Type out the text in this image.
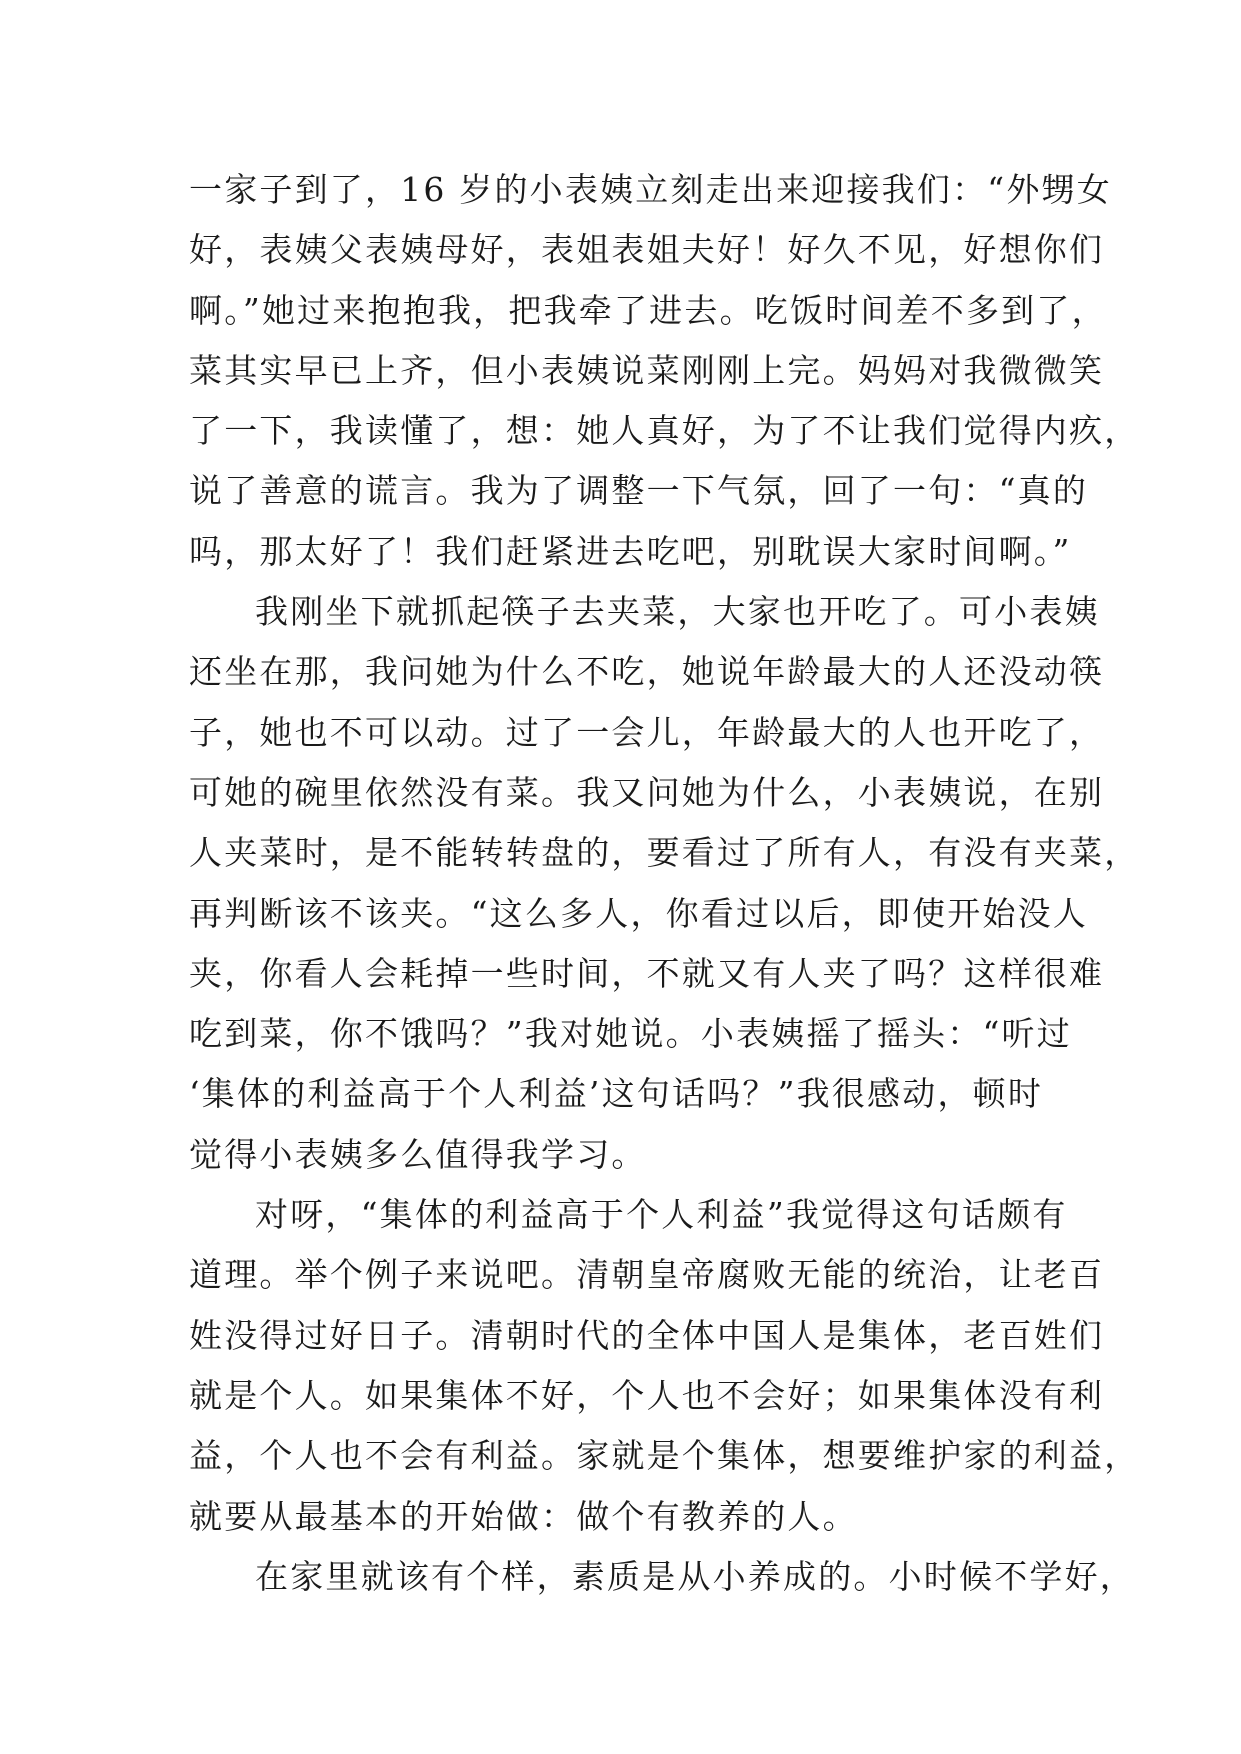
一家子到了，16 岁的小表姨立刻走出来迎接我们：“外甥女
好，表姨父表姨母好，表姐表姐夫好！好久不见，好想你们
啊。”她过来抱抱我，把我牵了进去。吃饭时间差不多到了，
菜其实早已上齐，但小表姨说菜刚刚上完。妈妈对我微微笑
了一下，我读懂了，想：她人真好，为了不让我们觉得内疚，
说了善意的谎言。我为了调整一下气氛，回了一句：“真的
吗，那太好了！我们赶紧进去吃吧，别耽误大家时间啊。”
我刚坐下就抓起筷子去夹菜，大家也开吃了。可小表姨
还坐在那，我问她为什么不吃，她说年龄最大的人还没动筷
子，她也不可以动。过了一会儿，年龄最大的人也开吃了，
可她的碗里依然没有菜。我又问她为什么，小表姨说，在别
人夹菜时，是不能转转盘的，要看过了所有人，有没有夹菜，
再判断该不该夹。“这么多人，你看过以后，即使开始没人
夹，你看人会耗掉一些时间，不就又有人夹了吗？这样很难
吃到菜，你不饿吗？”我对她说。小表姨摇了摇头：“听过
‘集体的利益高于个人利益’这句话吗？”我很感动，顿时
觉得小表姨多么值得我学习。
对呀，“集体的利益高于个人利益”我觉得这句话颇有
道理。举个例子来说吧。清朝皇帝腐败无能的统治，让老百
姓没得过好日子。清朝时代的全体中国人是集体，老百姓们
就是个人。如果集体不好，个人也不会好；如果集体没有利
益，个人也不会有利益。家就是个集体，想要维护家的利益，
就要从最基本的开始做：做个有教养的人。
在家里就该有个样，素质是从小养成的。小时候不学好，
